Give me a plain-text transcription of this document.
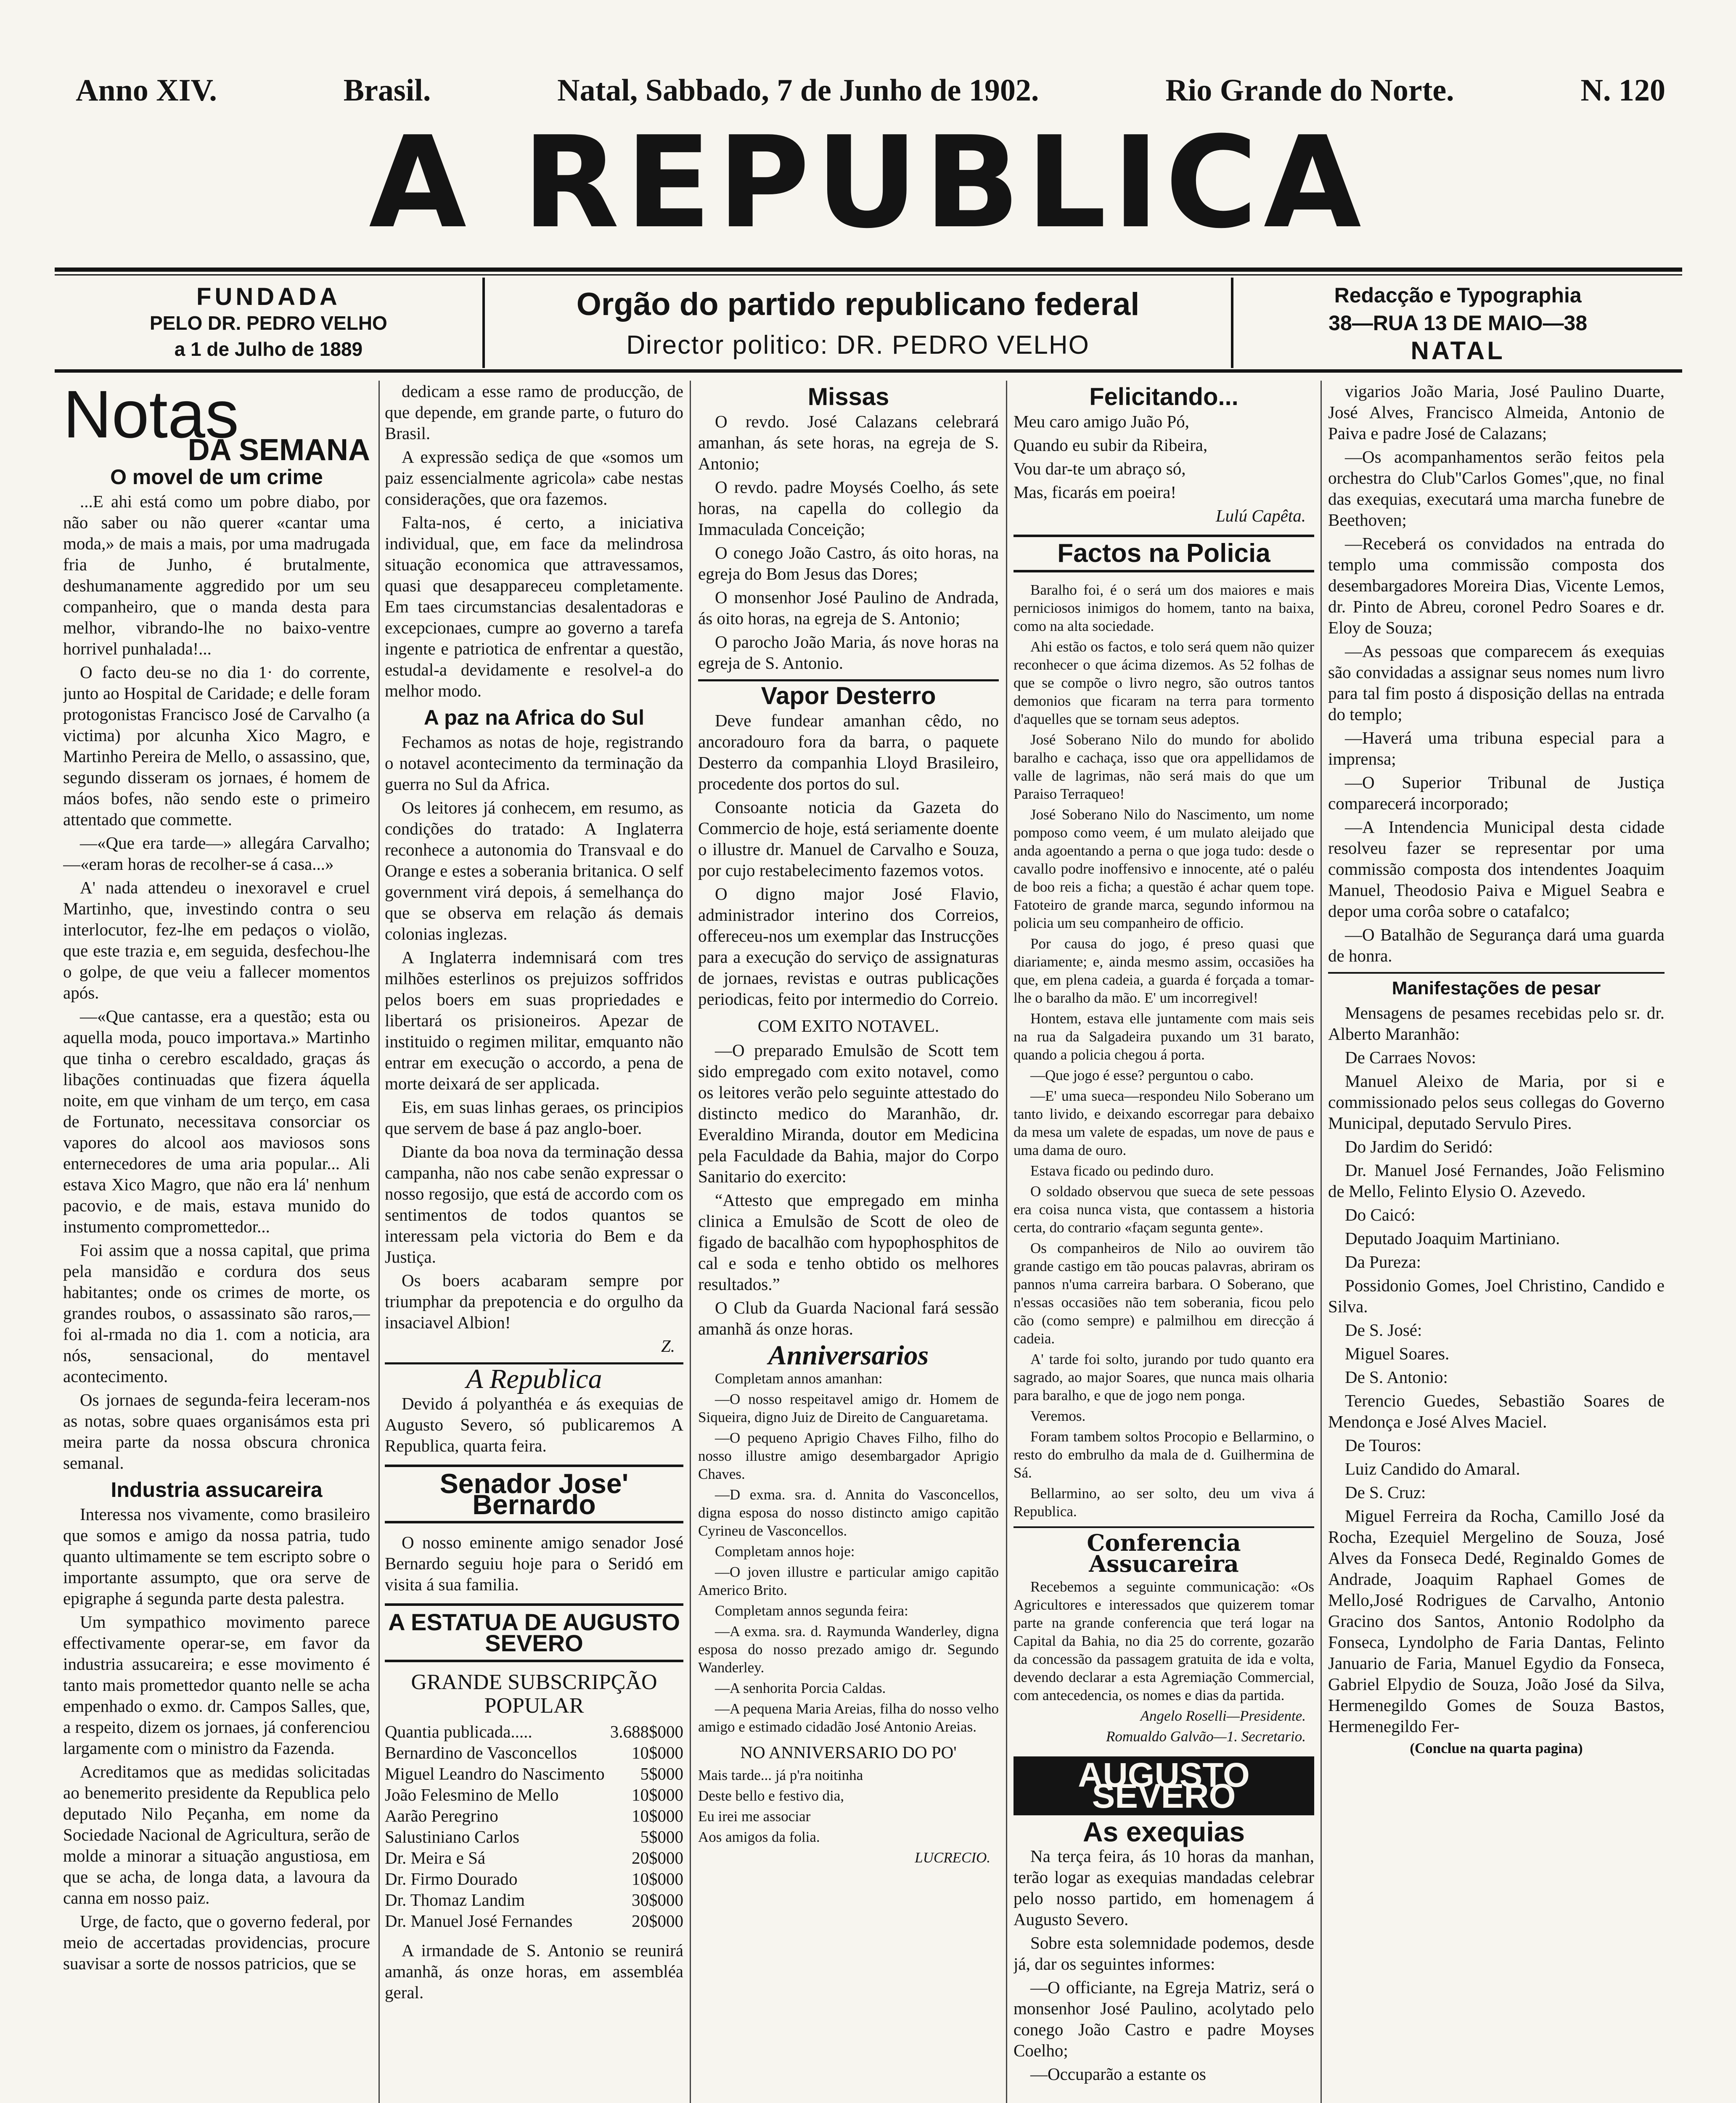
Anno XIV.	Brasil.	Natal, Sabbado, 7 de Junho de 1902.	Rio Grande do Norte.	N. 120
A REPUBLICA
FUNDADA
PELO DR. PEDRO VELHO
a 1 de Julho de 1889
Orgão do partido republicano federal
Director politico: DR. PEDRO VELHO
Redacção e Typographia
38—RUA 13 DE MAIO—38
NATAL

Notas

DA SEMANA

O movel de um crime

...E ahi está como um pobre diabo, por não saber ou não querer «cantar uma moda,» de mais a mais, por uma madrugada fria de Junho, é brutalmente, deshumanamente aggredido por um seu companheiro, que o manda desta para melhor, vibrando-lhe no baixo-ventre horrivel punhalada!...

O facto deu-se no dia 1· do corrente, junto ao Hospital de Caridade; e delle foram protogonistas Francisco José de Carvalho (a victima) por alcunha Xico Magro, e Martinho Pereira de Mello, o assassino, que, segundo disseram os jornaes, é homem de máos bofes, não sendo este o primeiro attentado que commette.

—«Que era tarde—» allegára Carvalho;—«eram horas de recolher-se á casa...»

A' nada attendeu o inexoravel e cruel Martinho, que, investindo contra o seu interlocutor, fez-lhe em pedaços o violão, que este trazia e, em seguida, desfechou-lhe o golpe, de que veiu a fallecer momentos após.

—«Que cantasse, era a questão; esta ou aquella moda, pouco importava.» Martinho que tinha o cerebro escaldado, graças ás libações continuadas que fizera áquella noite, em que vinham de um terço, em casa de Fortunato, necessitava consorciar os vapores do alcool aos maviosos sons enternecedores de uma aria popular... Ali estava Xico Magro, que não era lá' nenhum pacovio, e de mais, estava munido do instumento compromettedor...

Foi assim que a nossa capital, que prima pela mansidão e cordura dos seus habitantes; onde os crimes de morte, os grandes roubos, o assassinato são raros,—foi al-rmada no dia 1. com a noticia, ara nós, sensacional, do mentavel acontecimento.

Os jornaes de segunda-feira leceram-nos as notas, sobre quaes organisámos esta pri meira parte da nossa obscura chronica semanal.

Industria assucareira

Interessa nos vivamente, como brasileiro que somos e amigo da nossa patria, tudo quanto ultimamente se tem escripto sobre o importante assumpto, que ora serve de epigraphe á segunda parte desta palestra.

Um sympathico movimento parece effectivamente operar-se, em favor da industria assucareira; e esse movimento é tanto mais promettedor quanto nelle se acha empenhado o exmo. dr. Campos Salles, que, a respeito, dizem os jornaes, já conferenciou largamente com o ministro da Fazenda.

Acreditamos que as medidas solicitadas ao benemerito presidente da Republica pelo deputado Nilo Peçanha, em nome da Sociedade Nacional de Agricultura, serão de molde a minorar a situação angustiosa, em que se acha, de longa data, a lavoura da canna em nosso paiz.

Urge, de facto, que o governo federal, por meio de accertadas providencias, procure suavisar a sorte de nossos patricios, que se

dedicam a esse ramo de producção, de que depende, em grande parte, o futuro do Brasil.

A expressão sediça de que «somos um paiz essencialmente agricola» cabe nestas considerações, que ora fazemos.

Falta-nos, é certo, a iniciativa individual, que, em face da melindrosa situação economica que attravessamos, quasi que desappareceu completamente. Em taes circumstancias desalentadoras e excepcionaes, cumpre ao governo a tarefa ingente e patriotica de enfrentar a questão, estudal-a devidamente e resolvel-a do melhor modo.

A paz na Africa do Sul

Fechamos as notas de hoje, registrando o notavel acontecimento da terminação da guerra no Sul da Africa.

Os leitores já conhecem, em resumo, as condições do tratado: A Inglaterra reconhece a autonomia do Transvaal e do Orange e estes a soberania britanica. O self government virá depois, á semelhança do que se observa em relação ás demais colonias inglezas.

A Inglaterra indemnisará com tres milhões esterlinos os prejuizos soffridos pelos boers em suas propriedades e libertará os prisioneiros. Apezar de instituido o regimen militar, emquanto não entrar em execução o accordo, a pena de morte deixará de ser applicada.

Eis, em suas linhas geraes, os principios que servem de base á paz anglo-boer.

Diante da boa nova da terminação dessa campanha, não nos cabe senão expressar o nosso regosijo, que está de accordo com os sentimentos de todos quantos se interessam pela victoria do Bem e da Justiça.

Os boers acabaram sempre por triumphar da prepotencia e do orgulho da insaciavel Albion!

Z.

A Republica

Devido á polyanthéa e ás exequias de Augusto Severo, só publicaremos A Republica, quarta feira.

Senador Jose' Bernardo

O nosso eminente amigo senador José Bernardo seguiu hoje para o Seridó em visita á sua familia.

A ESTATUA DE AUGUSTO SEVERO

GRANDE SUBSCRIPÇÃO POPULAR

Quantia publicada.....	3.688$000
Bernardino de Vasconcellos	10$000
Miguel Leandro do Nascimento	5$000
João Felesmino de Mello	10$000
Aarão Peregrino	10$000
Salustiniano Carlos	5$000
Dr. Meira e Sá	20$000
Dr. Firmo Dourado	10$000
Dr. Thomaz Landim	30$000
Dr. Manuel José Fernandes	20$000

A irmandade de S. Antonio se reunirá amanhã, ás onze horas, em assembléa geral.

Missas

O revdo. José Calazans celebrará amanhan, ás sete horas, na egreja de S. Antonio;

O revdo. padre Moysés Coelho, ás sete horas, na capella do collegio da Immaculada Conceição;

O conego João Castro, ás oito horas, na egreja do Bom Jesus das Dores;

O monsenhor José Paulino de Andrada, ás oito horas, na egreja de S. Antonio;

O parocho João Maria, ás nove horas na egreja de S. Antonio.

Vapor Desterro

Deve fundear amanhan cêdo, no ancoradouro fora da barra, o paquete Desterro da companhia Lloyd Brasileiro, procedente dos portos do sul.

Consoante noticia da Gazeta do Commercio de hoje, está seriamente doente o illustre dr. Manuel de Carvalho e Souza, por cujo restabelecimento fazemos votos.

O digno major José Flavio, administrador interino dos Correios, offereceu-nos um exemplar das Instrucções para a execução do serviço de assignaturas de jornaes, revistas e outras publicações periodicas, feito por intermedio do Correio.

COM EXITO NOTAVEL.

—O preparado Emulsão de Scott tem sido empregado com exito notavel, como os leitores verão pelo seguinte attestado do distincto medico do Maranhão, dr. Everaldino Miranda, doutor em Medicina pela Faculdade da Bahia, major do Corpo Sanitario do exercito:

“Attesto que empregado em minha clinica a Emulsão de Scott de oleo de figado de bacalhão com hypophosphitos de cal e soda e tenho obtido os melhores resultados.”

O Club da Guarda Nacional fará sessão amanhã ás onze horas.

Anniversarios

Completam annos amanhan:

—O nosso respeitavel amigo dr. Homem de Siqueira, digno Juiz de Direito de Canguaretama.

—O pequeno Aprigio Chaves Filho, filho do nosso illustre amigo desembargador Aprigio Chaves.

—D exma. sra. d. Annita do Vasconcellos, digna esposa do nosso distincto amigo capitão Cyrineu de Vasconcellos.

Completam annos hoje:

—O joven illustre e particular amigo capitão Americo Brito.

Completam annos segunda feira:

—A exma. sra. d. Raymunda Wanderley, digna esposa do nosso prezado amigo dr. Segundo Wanderley.

—A senhorita Porcia Caldas.

—A pequena Maria Areias, filha do nosso velho amigo e estimado cidadão José Antonio Areias.

NO ANNIVERSARIO DO PO'

Mais tarde... já p'ra noitinha

Deste bello e festivo dia,

Eu irei me associar

Aos amigos da folia.

LUCRECIO.

Felicitando...

Meu caro amigo Juão Pó,

Quando eu subir da Ribeira,

Vou dar-te um abraço só,

Mas, ficarás em poeira!

Lulú Capêta.

Factos na Policia

Baralho foi, é o será um dos maiores e mais perniciosos inimigos do homem, tanto na baixa, como na alta sociedade.

Ahi estão os factos, e tolo será quem não quizer reconhecer o que ácima dizemos. As 52 folhas de que se compõe o livro negro, são outros tantos demonios que ficaram na terra para tormento d'aquelles que se tornam seus adeptos.

José Soberano Nilo do mundo for abolido baralho e cachaça, isso que ora appellidamos de valle de lagrimas, não será mais do que um Paraiso Terraqueo!

José Soberano Nilo do Nascimento, um nome pomposo como veem, é um mulato aleijado que anda agoentando a perna o que joga tudo: desde o cavallo podre inoffensivo e innocente, até o paléu de boo reis a ficha; a questão é achar quem tope. Fatoteiro de grande marca, segundo informou na policia um seu companheiro de officio.

Por causa do jogo, é preso quasi que diariamente; e, ainda mesmo assim, occasiões ha que, em plena cadeia, a guarda é forçada a tomar-lhe o baralho da mão. E' um incorregivel!

Hontem, estava elle juntamente com mais seis na rua da Salgadeira puxando um 31 barato, quando a policia chegou á porta.

—Que jogo é esse? perguntou o cabo.

—E' uma sueca—respondeu Nilo Soberano um tanto livido, e deixando escorregar para debaixo da mesa um valete de espadas, um nove de paus e uma dama de ouro.

Estava ficado ou pedindo duro.

O soldado observou que sueca de sete pessoas era coisa nunca vista, que contassem a historia certa, do contrario «façam segunta gente».

Os companheiros de Nilo ao ouvirem tão grande castigo em tão poucas palavras, abriram os pannos n'uma carreira barbara. O Soberano, que n'essas occasiões não tem soberania, ficou pelo cão (como sempre) e palmilhou em direcção á cadeia.

A' tarde foi solto, jurando por tudo quanto era sagrado, ao major Soares, que nunca mais olharia para baralho, e que de jogo nem ponga.

Veremos.

Foram tambem soltos Procopio e Bellarmino, o resto do embrulho da mala de d. Guilhermina de Sá.

Bellarmino, ao ser solto, deu um viva á Republica.

Conferencia Assucareira

Recebemos a seguinte communicação: «Os Agricultores e interessados que quizerem tomar parte na grande conferencia que terá logar na Capital da Bahia, no dia 25 do corrente, gozarão da concessão da passagem gratuita de ida e volta, devendo declarar a esta Agremiação Commercial, com antecedencia, os nomes e dias da partida.

Angelo Roselli—Presidente.

Romualdo Galvão—1. Secretario.

AUGUSTO SEVERO

As exequias

Na terça feira, ás 10 horas da manhan, terão logar as exequias mandadas celebrar pelo nosso partido, em homenagem á Augusto Severo.

Sobre esta solemnidade podemos, desde já, dar os seguintes informes:

—O officiante, na Egreja Matriz, será o monsenhor José Paulino, acolytado pelo conego João Castro e padre Moyses Coelho;

—Occuparão a estante os

vigarios João Maria, José Paulino Duarte, José Alves, Francisco Almeida, Antonio de Paiva e padre José de Calazans;

—Os acompanhamentos serão feitos pela orchestra do Club"Carlos Gomes",que, no final das exequias, executará uma marcha funebre de Beethoven;

—Receberá os convidados na entrada do templo uma commissão composta dos desembargadores Moreira Dias, Vicente Lemos, dr. Pinto de Abreu, coronel Pedro Soares e dr. Eloy de Souza;

—As pessoas que comparecem ás exequias são convidadas a assignar seus nomes num livro para tal fim posto á disposição dellas na entrada do templo;

—Haverá uma tribuna especial para a imprensa;

—O Superior Tribunal de Justiça comparecerá incorporado;

—A Intendencia Municipal desta cidade resolveu fazer se representar por uma commissão composta dos intendentes Joaquim Manuel, Theodosio Paiva e Miguel Seabra e depor uma corôa sobre o catafalco;

—O Batalhão de Segurança dará uma guarda de honra.

Manifestações de pesar

Mensagens de pesames recebidas pelo sr. dr. Alberto Maranhão:

De Carraes Novos:

Manuel Aleixo de Maria, por si e commissionado pelos seus collegas do Governo Municipal, deputado Servulo Pires.

Do Jardim do Seridó:

Dr. Manuel José Fernandes, João Felismino de Mello, Felinto Elysio O. Azevedo.

Do Caicó:

Deputado Joaquim Martiniano.

Da Pureza:

Possidonio Gomes, Joel Christino, Candido e Silva.

De S. José:

Miguel Soares.

De S. Antonio:

Terencio Guedes, Sebastião Soares de Mendonça e José Alves Maciel.

De Touros:

Luiz Candido do Amaral.

De S. Cruz:

Miguel Ferreira da Rocha, Camillo José da Rocha, Ezequiel Mergelino de Souza, José Alves da Fonseca Dedé, Reginaldo Gomes de Andrade, Joaquim Raphael Gomes de Mello,José Rodrigues de Carvalho, Antonio Gracino dos Santos, Antonio Rodolpho da Fonseca, Lyndolpho de Faria Dantas, Felinto Januario de Faria, Manuel Egydio da Fonseca, Gabriel Elpydio de Souza, João José da Silva, Hermenegildo Gomes de Souza Bastos, Hermenegildo Fer-

(Conclue na quarta pagina)
